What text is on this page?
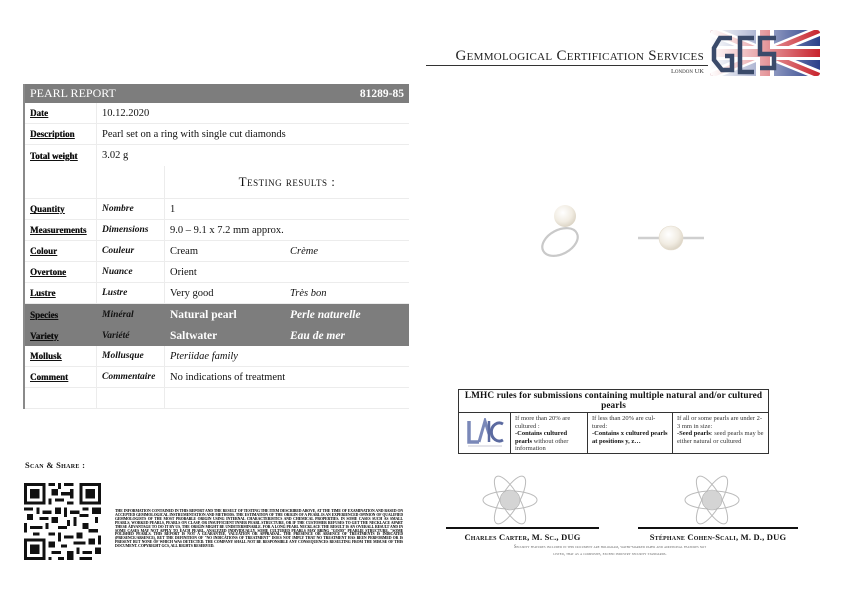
Gemmological Certification Services
London UK
PEARL REPORT	81289-85
Date	10.12.2020
Description	Pearl set on a ring with single cut diamonds
Total weight	3.02 g
Testing results :
Quantity	Nombre	1
Measurements	Dimensions	9.0 – 9.1 x 7.2 mm approx.
Colour	Couleur	Cream	Crème
Overtone	Nuance	Orient
Lustre	Lustre	Very good	Très bon
Species	Minéral	Natural pearl	Perle naturelle
Variety	Variété	Saltwater	Eau de mer
Mollusk	Mollusque	Pteriidae family
Comment	Commentaire	No indications of treatment
LMHC rules for submissions containing multiple natural and/or cultured pearls
If more than 20% are cultured :
-Contains cultured pearls without other information
If less than 20% are cul-tured:
-Contains x cultured pearls at positions y, z…
If all or some pearls are under 2-3 mm in size:
-Seed pearls: seed pearls may be either natural or cultured
Charles Carter, M. Sc., DUG	Stéphane Cohen-Scali, M. D., DUG
Security features included in this document are hologram, water-marked paper and additional features not listed, that as a composite, exceed industry security standards.
Scan & Share :
THE INFORMATION CONTAINED IN THIS REPORT AND THE RESULT OF TESTING THE ITEM DESCRIBED ABOVE, AT THE TIME OF EXAMINATION AND BASED ON ACCEPTED GEMMOLOGICAL INSTRUMENTATION AND METHODS. THE ESTIMATION OF THE ORIGIN OF A PEARL IS AN EXPERIENCED OPINION OF QUALIFIED GEMMOLOGISTS OF THE MOST PROBABLE ORIGIN USING INTERNAL CHARACTERISTICS AND CHEMICAL PROPERTIES. IN SOME CASES SUCH AS SMALL PEARLS, WORKED PEARLS, PEARLS ON CLASP, OR INSUFFICIENT INNER PEARL STRUCTURE, OR IF THE CUSTOMER REFUSES TO GET THE NECKLACE APART THESE ADVANTAGE TO DO IT BY US, THE ORIGIN MIGHT BE UNDETERMINABLE. FOR A LONG PEARL NECKLACE THE RESULT IS AN OVERALL RESULT AND IN SOME CASES MAY NOT APPLY TO EACH PEARL. ANALYZED INDIVIDUALLY, SOME CULTURED PEARLS MAY BRING "GOOD" PEARLIE STRUCTURE. "SOME POLISHED PEARLS. THIS REPORT IS NOT A GUARANTEE, VALUATION OR APPRAISAL. THE PRESENCE OR ABSENCE OF TREATMENTS IS INDICATED (PRESENCE/ABSENCE), BUT THE DEFINITION OF "NO INDICATIONS OF TREATMENT" DOES NOT IMPLY THAT NO TREATMENT HAS BEEN PERFORMED OR IS PRESENT BUT NONE OF WHICH WAS DETECTED. THE COMPANY SHALL NOT BE RESPONSIBLE ANY CONSEQUENCES RESULTING FROM THE MISUSE OF THIS DOCUMENT. COPYRIGHT GCS, ALL RIGHTS RESERVED.
